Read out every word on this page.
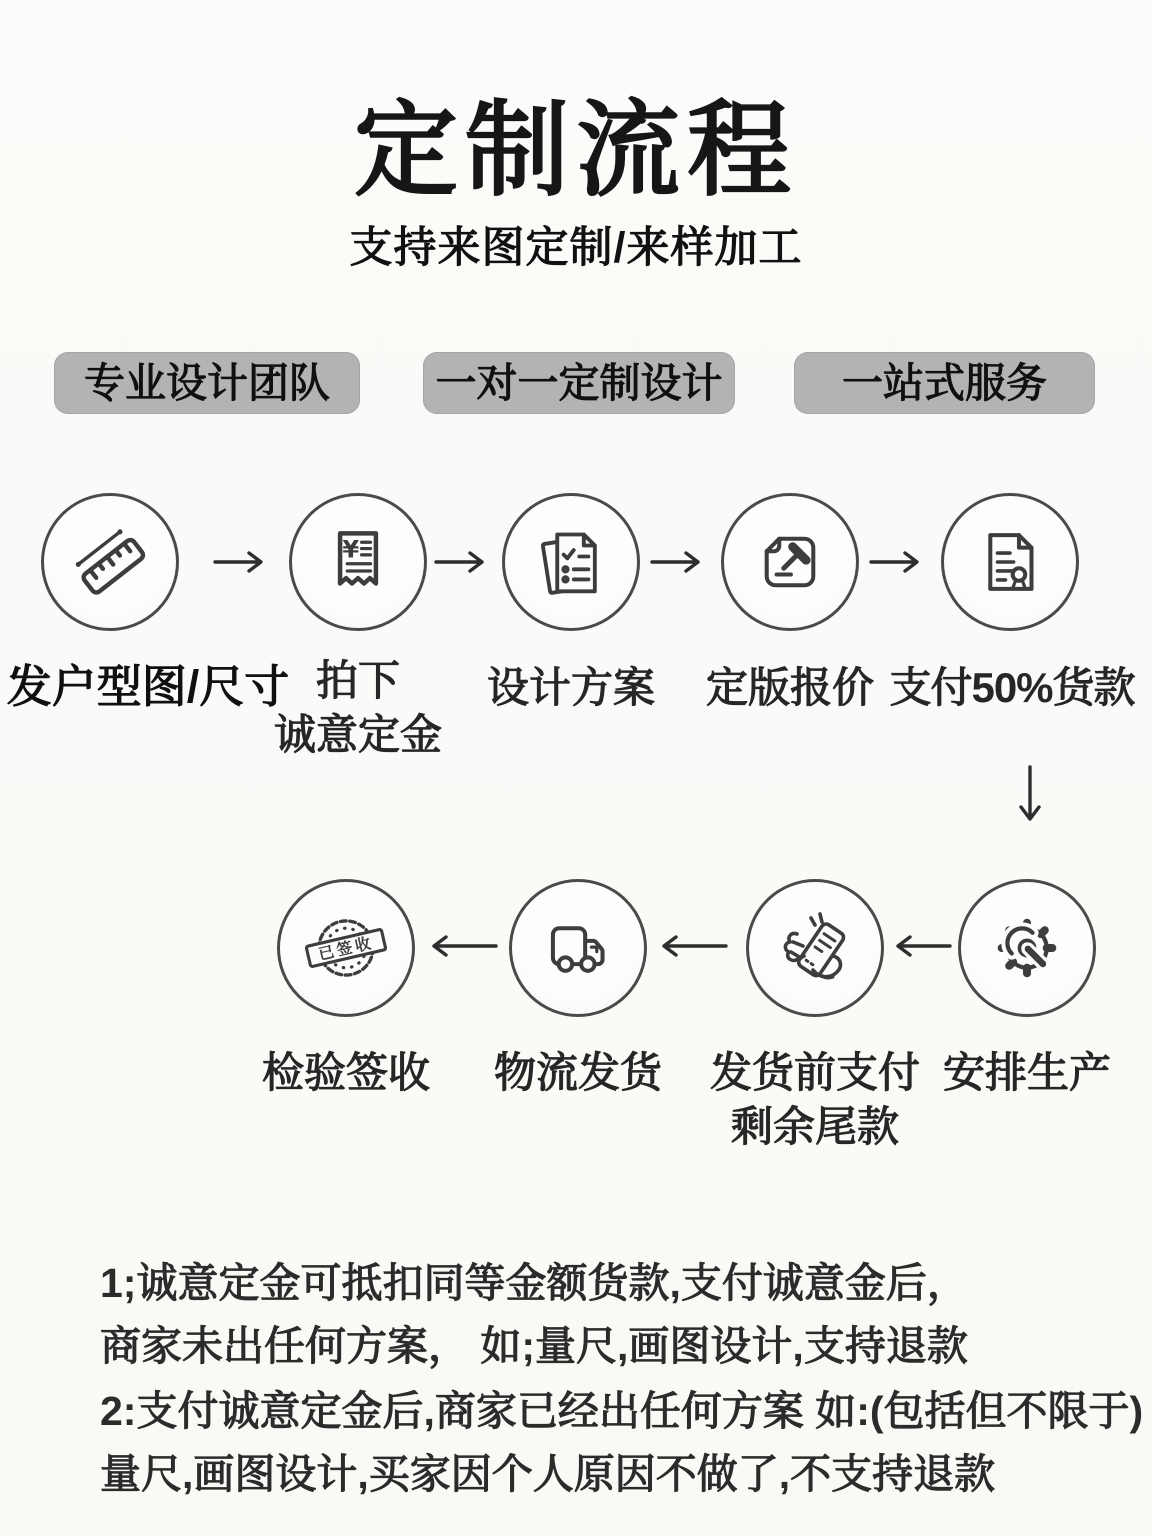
定制流程
支持来图定制/来样加工
专业设计团队	一对一定制设计	一站式服务
发户型图/尺寸
¥
拍下
诚意定金
设计方案 定版报价 支付50%货款
已签收
检验签收 物流发货 发货前支付
剩余尾款
安排生产
1;诚意定金可抵扣同等金额货款,支付诚意金后，
商家未出任何方案， 如;量尺,画图设计,支持退款
2:支付诚意定金后,商家已经出任何方案 如:(包括但不限于)
量尺,画图设计,买家因个人原因不做了,不支持退款
